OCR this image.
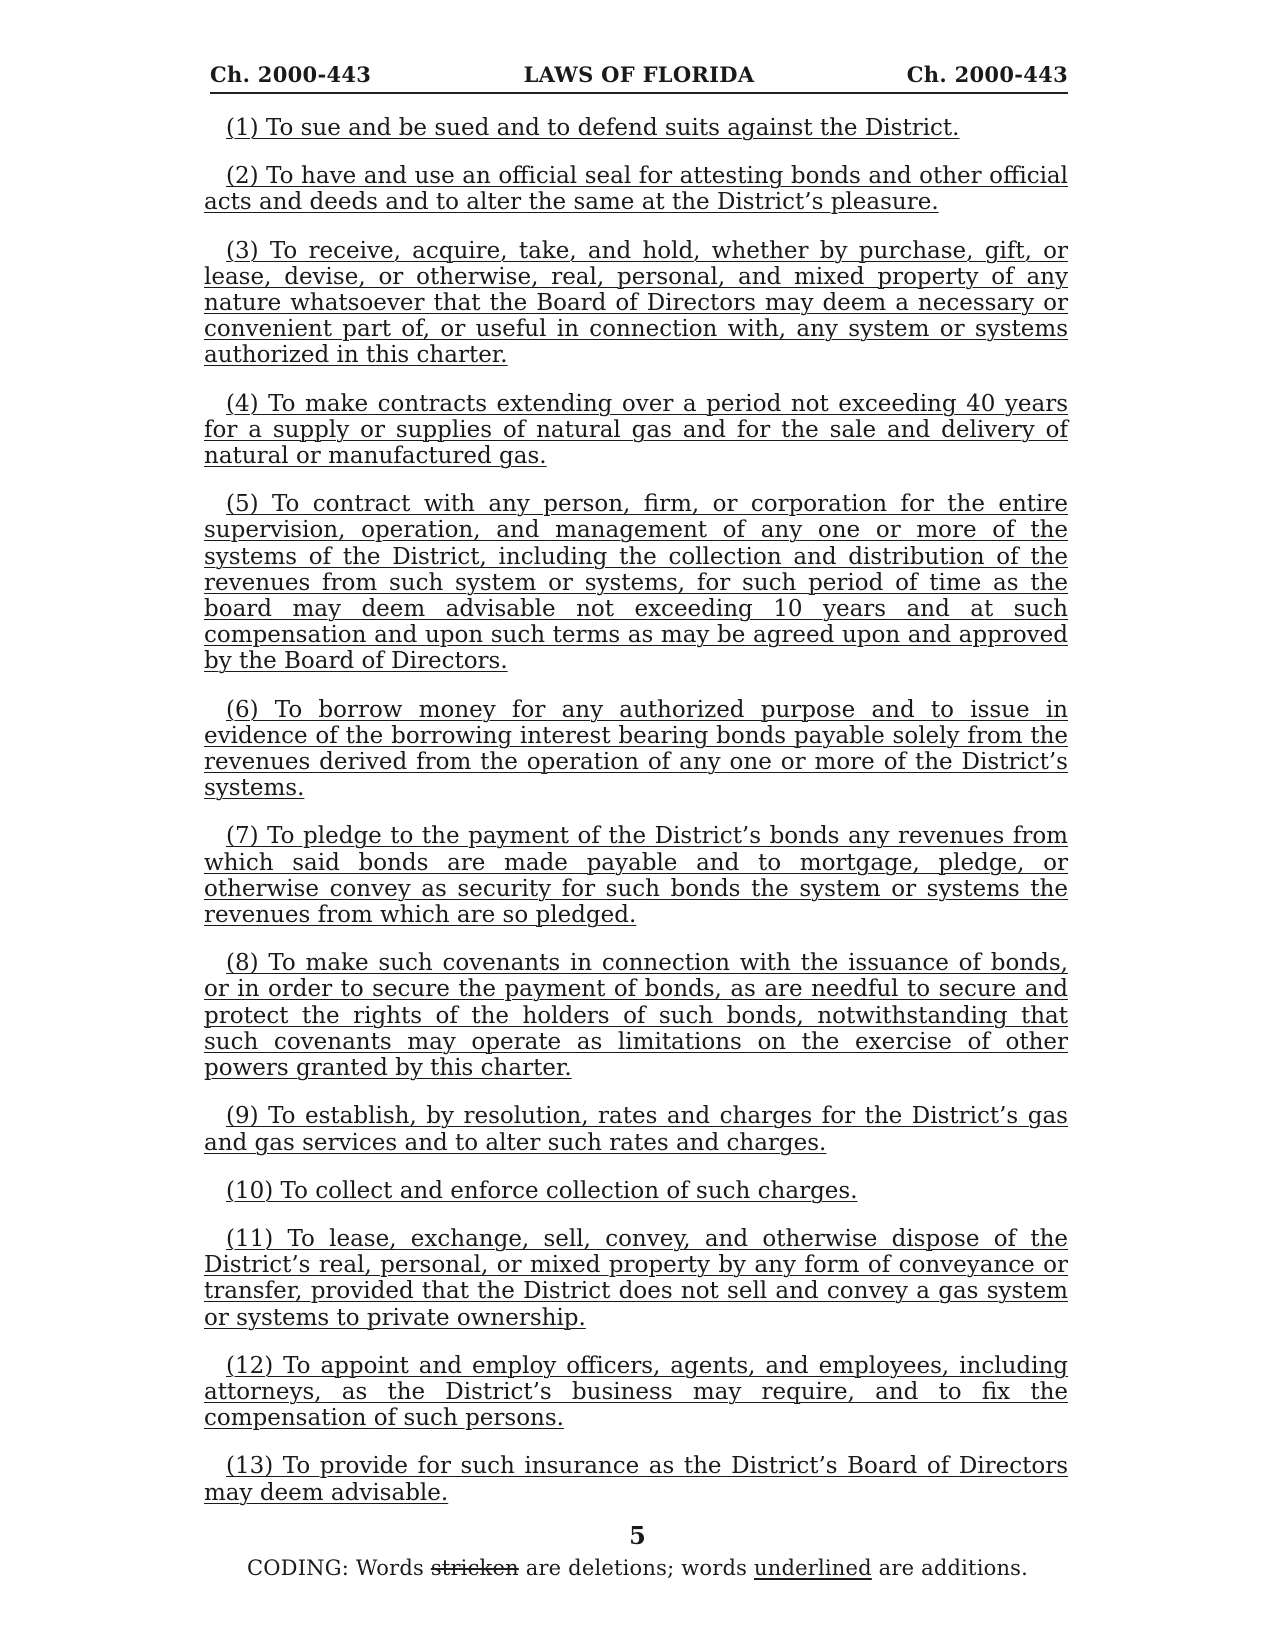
LAWS OF FLORIDA
Ch. 2000-443	Ch. 2000-443

(1) To sue and be sued and to defend suits against the District.

(2) To have and use an official seal for attesting bonds and other official acts and deeds and to alter the same at the District’s pleasure.

(3) To receive, acquire, take, and hold, whether by purchase, gift, or lease, devise, or otherwise, real, personal, and mixed property of any nature whatsoever that the Board of Directors may deem a necessary or convenient part of, or useful in connection with, any system or systems authorized in this charter.

(4) To make contracts extending over a period not exceeding 40 years for a supply or supplies of natural gas and for the sale and delivery of natural or manufactured gas.

(5) To contract with any person, firm, or corporation for the entire supervision, operation, and management of any one or more of the systems of the District, including the collection and distribution of the revenues from such system or systems, for such period of time as the board may deem advisable not exceeding 10 years and at such compensation and upon such terms as may be agreed upon and approved by the Board of Directors.

(6) To borrow money for any authorized purpose and to issue in evidence of the borrowing interest bearing bonds payable solely from the revenues derived from the operation of any one or more of the District’s systems.

(7) To pledge to the payment of the District’s bonds any revenues from which said bonds are made payable and to mortgage, pledge, or otherwise convey as security for such bonds the system or systems the revenues from which are so pledged.

(8) To make such covenants in connection with the issuance of bonds, or in order to secure the payment of bonds, as are needful to secure and protect the rights of the holders of such bonds, notwithstanding that such covenants may operate as limitations on the exercise of other powers granted by this charter.

(9) To establish, by resolution, rates and charges for the District’s gas and gas services and to alter such rates and charges.

(10) To collect and enforce collection of such charges.

(11) To lease, exchange, sell, convey, and otherwise dispose of the District’s real, personal, or mixed property by any form of conveyance or transfer, provided that the District does not sell and convey a gas system or systems to private ownership.

(12) To appoint and employ officers, agents, and employees, including attorneys, as the District’s business may require, and to fix the compensation of such persons.

(13) To provide for such insurance as the District’s Board of Directors may deem advisable.

5
CODING: Words stricken are deletions; words underlined are additions.
